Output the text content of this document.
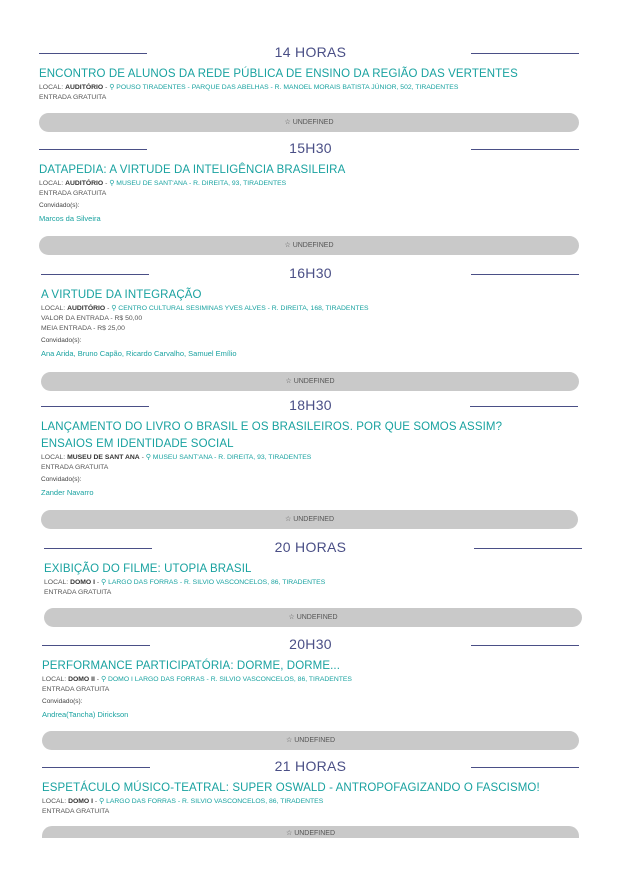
14 HORAS

ENCONTRO DE ALUNOS DA REDE PÚBLICA DE ENSINO DA REGIÃO DAS VERTENTES

LOCAL: AUDITÓRIO - ⚲ POUSO TIRADENTES - PARQUE DAS ABELHAS - R. MANOEL MORAIS BATISTA JÚNIOR, 502, TIRADENTES
ENTRADA GRATUITA
☆ UNDEFINED
15H30

DATAPEDIA: A VIRTUDE DA INTELIGÊNCIA BRASILEIRA

LOCAL: AUDITÓRIO - ⚲ MUSEU DE SANT'ANA - R. DIREITA, 93, TIRADENTES
ENTRADA GRATUITA
Convidado(s):
Marcos da Silveira
☆ UNDEFINED
16H30

A VIRTUDE DA INTEGRAÇÃO

LOCAL: AUDITÓRIO - ⚲ CENTRO CULTURAL SESIMINAS YVES ALVES - R. DIREITA, 168, TIRADENTES
VALOR DA ENTRADA - R$ 50,00
MEIA ENTRADA - R$ 25,00
Convidado(s):
Ana Arida, Bruno Capão, Ricardo Carvalho, Samuel Emílio
☆ UNDEFINED
18H30

LANÇAMENTO DO LIVRO O BRASIL E OS BRASILEIROS. POR QUE SOMOS ASSIM? ENSAIOS EM IDENTIDADE SOCIAL

LOCAL: MUSEU DE SANT ANA - ⚲ MUSEU SANT'ANA - R. DIREITA, 93, TIRADENTES
ENTRADA GRATUITA
Convidado(s):
Zander Navarro
☆ UNDEFINED
20 HORAS

EXIBIÇÃO DO FILME: UTOPIA BRASIL

LOCAL: DOMO I - ⚲ LARGO DAS FORRAS - R. SILVIO VASCONCELOS, 86, TIRADENTES
ENTRADA GRATUITA
☆ UNDEFINED
20H30

PERFORMANCE PARTICIPATÓRIA: DORME, DORME...

LOCAL: DOMO II - ⚲ DOMO I LARGO DAS FORRAS - R. SILVIO VASCONCELOS, 86, TIRADENTES
ENTRADA GRATUITA
Convidado(s):
Andrea(Tancha) Dirickson
☆ UNDEFINED
21 HORAS

ESPETÁCULO MÚSICO-TEATRAL: SUPER OSWALD - ANTROPOFAGIZANDO O FASCISMO!

LOCAL: DOMO I - ⚲ LARGO DAS FORRAS - R. SILVIO VASCONCELOS, 86, TIRADENTES
ENTRADA GRATUITA
☆ UNDEFINED
